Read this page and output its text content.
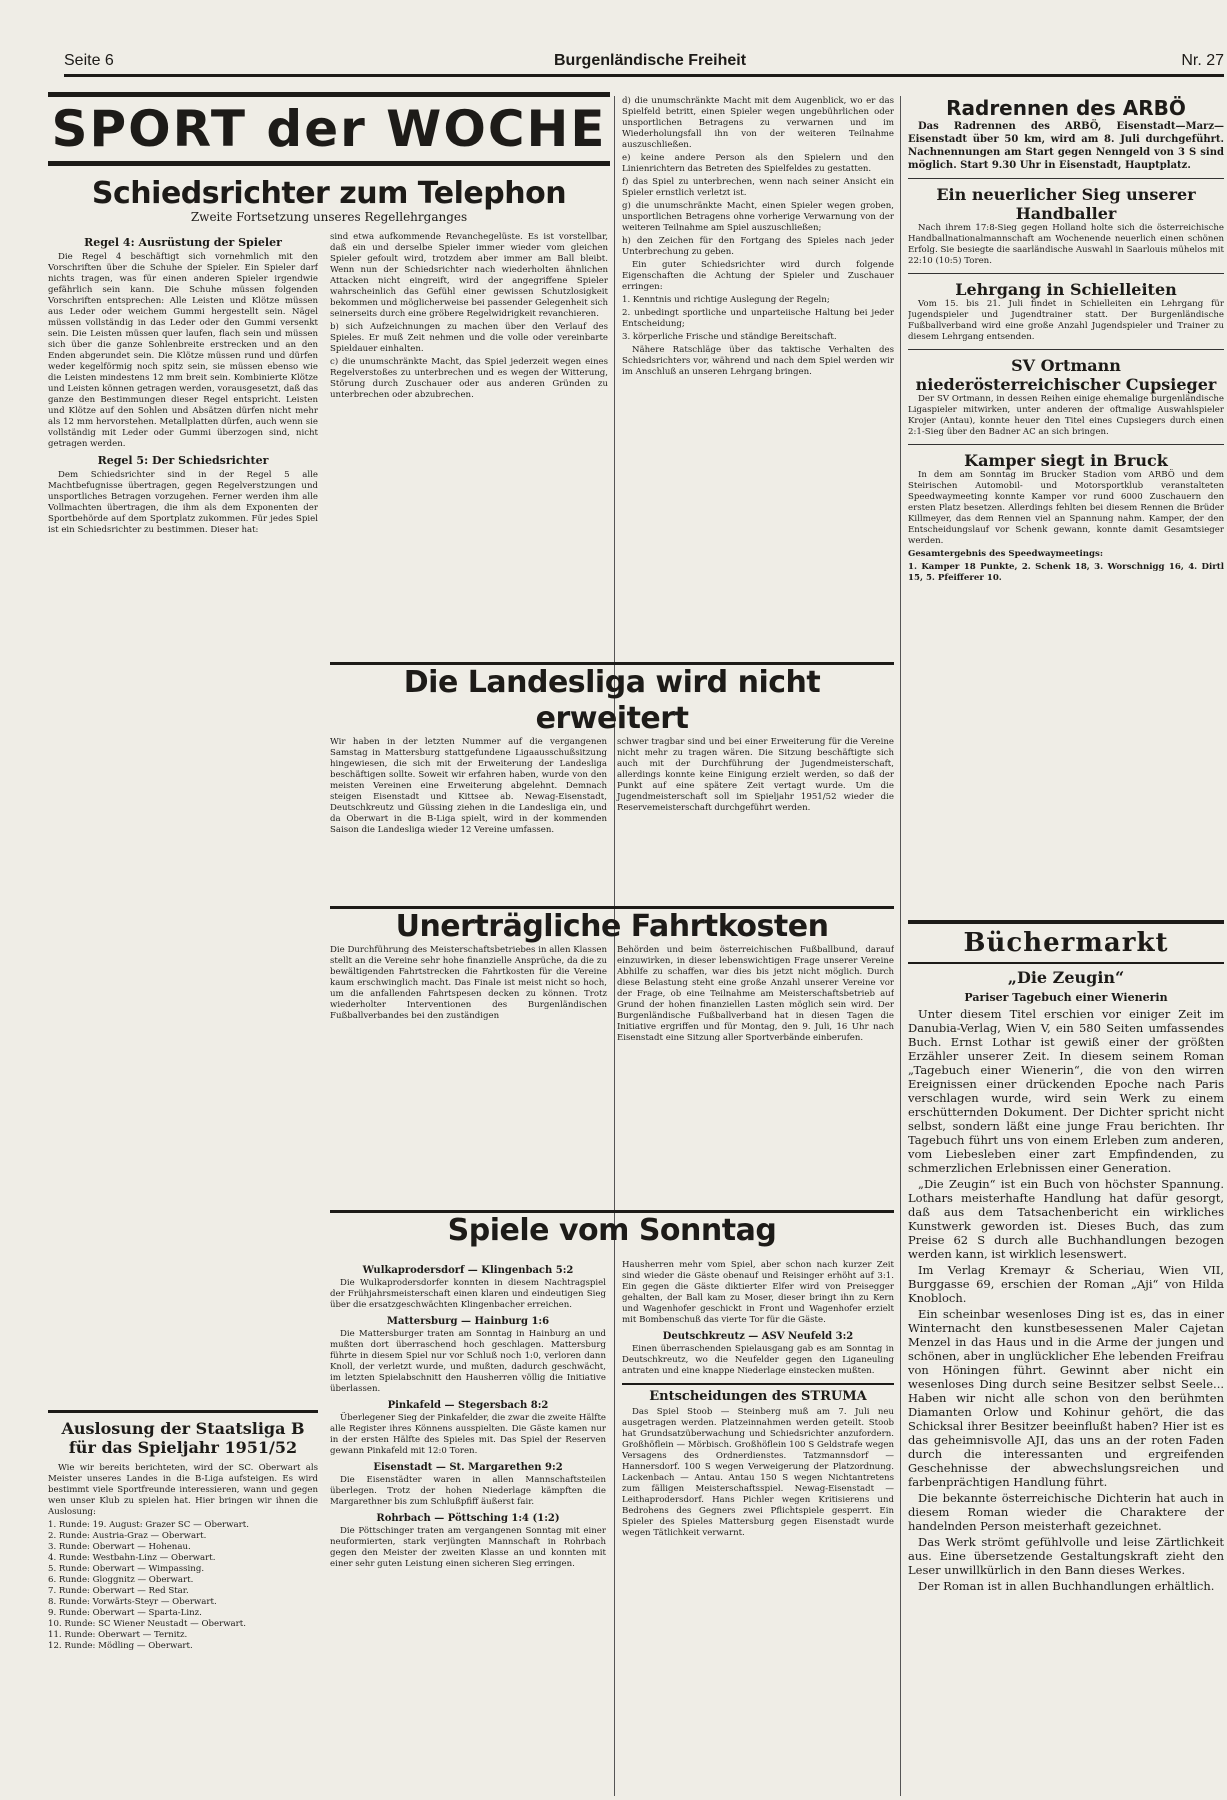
Seite 6	Burgenländische Freiheit	Nr. 27
SPORT der WOCHE
Schiedsrichter zum Telephon

Zweite Fortsetzung unseres Regellehrganges

Regel 4: Ausrüstung der Spieler

Die Regel 4 beschäftigt sich vornehmlich mit den Vorschriften über die Schuhe der Spieler. Ein Spieler darf nichts tragen, was für einen anderen Spieler irgendwie gefährlich sein kann. Die Schuhe müssen folgenden Vorschriften entsprechen: Alle Leisten und Klötze müssen aus Leder oder weichem Gummi hergestellt sein. Nägel müssen vollständig in das Leder oder den Gummi versenkt sein. Die Leisten müssen quer laufen, flach sein und müssen sich über die ganze Sohlenbreite erstrecken und an den Enden abgerundet sein. Die Klötze müssen rund und dürfen weder kegelförmig noch spitz sein, sie müssen ebenso wie die Leisten mindestens 12 mm breit sein. Kombinierte Klötze und Leisten können getragen werden, vorausgesetzt, daß das ganze den Bestimmungen dieser Regel entspricht. Leisten und Klötze auf den Sohlen und Absätzen dürfen nicht mehr als 12 mm hervorstehen. Metallplatten dürfen, auch wenn sie vollständig mit Leder oder Gummi überzogen sind, nicht getragen werden.

Regel 5: Der Schiedsrichter

Dem Schiedsrichter sind in der Regel 5 alle Machtbefugnisse übertragen, gegen Regelverstzungen und unsportliches Betragen vorzugehen. Ferner werden ihm alle Vollmachten übertragen, die ihm als dem Exponenten der Sportbehörde auf dem Sportplatz zukommen. Für jedes Spiel ist ein Schiedsrichter zu bestimmen. Dieser hat:

sind etwa aufkommende Revanchegelüste. Es ist vorstellbar, daß ein und derselbe Spieler immer wieder vom gleichen Spieler gefoult wird, trotzdem aber immer am Ball bleibt. Wenn nun der Schiedsrichter nach wiederholten ähnlichen Attacken nicht eingreift, wird der angegriffene Spieler wahrscheinlich das Gefühl einer gewissen Schutzlosigkeit bekommen und möglicherweise bei passender Gelegenheit sich seinerseits durch eine gröbere Regelwidrigkeit revanchieren.

b) sich Aufzeichnungen zu machen über den Verlauf des Spieles. Er muß Zeit nehmen und die volle oder vereinbarte Spieldauer einhalten.

c) die unumschränkte Macht, das Spiel jederzeit wegen eines Regelverstoßes zu unterbrechen und es wegen der Witterung, Störung durch Zuschauer oder aus anderen Gründen zu unterbrechen oder abzubrechen.

d) die unumschränkte Macht mit dem Augenblick, wo er das Spielfeld betritt, einen Spieler wegen ungebührlichen oder unsportlichen Betragens zu verwarnen und im Wiederholungsfall ihn von der weiteren Teilnahme auszuschließen.

e) keine andere Person als den Spielern und den Linienrichtern das Betreten des Spielfeldes zu gestatten.

f) das Spiel zu unterbrechen, wenn nach seiner Ansicht ein Spieler ernstlich verletzt ist.

g) die unumschränkte Macht, einen Spieler wegen groben, unsportlichen Betragens ohne vorherige Verwarnung von der weiteren Teilnahme am Spiel auszuschließen;

h) den Zeichen für den Fortgang des Spieles nach jeder Unterbrechung zu geben.

Ein guter Schiedsrichter wird durch folgende Eigenschaften die Achtung der Spieler und Zuschauer erringen:

1. Kenntnis und richtige Auslegung der Regeln;

2. unbedingt sportliche und unparteiische Haltung bei jeder Entscheidung;

3. körperliche Frische und ständige Bereitschaft.

Nähere Ratschläge über das taktische Verhalten des Schiedsrichters vor, während und nach dem Spiel werden wir im Anschluß an unseren Lehrgang bringen.

Auslosung der Staatsliga B für das Spieljahr 1951/52

Wie wir bereits berichteten, wird der SC. Oberwart als Meister unseres Landes in die B-Liga aufsteigen. Es wird bestimmt viele Sportfreunde interessieren, wann und gegen wen unser Klub zu spielen hat. Hier bringen wir ihnen die Auslosung:

1. Runde: 19. August: Grazer SC — Oberwart.
2. Runde: Austria-Graz — Oberwart.
3. Runde: Oberwart — Hohenau.
4. Runde: Westbahn-Linz — Oberwart.
5. Runde: Oberwart — Wimpassing.
6. Runde: Gloggnitz — Oberwart.
7. Runde: Oberwart — Red Star.
8. Runde: Vorwärts-Steyr — Oberwart.
9. Runde: Oberwart — Sparta-Linz.
10. Runde: SC Wiener Neustadt — Oberwart.
11. Runde: Oberwart — Ternitz.
12. Runde: Mödling — Oberwart.
Die Landesliga wird nicht erweitert

Wir haben in der letzten Nummer auf die vergangenen Samstag in Mattersburg stattgefundene Ligaausschußsitzung hingewiesen, die sich mit der Erweiterung der Landesliga beschäftigen sollte. Soweit wir erfahren haben, wurde von den meisten Vereinen eine Erweiterung abgelehnt. Demnach steigen Eisenstadt und Kittsee ab. Newag-Eisenstadt, Deutschkreutz und Güssing ziehen in die Landesliga ein, und da Oberwart in die B-Liga spielt, wird in der kommenden Saison die Landesliga wieder 12 Vereine umfassen.

schwer tragbar sind und bei einer Erweiterung für die Vereine nicht mehr zu tragen wären. Die Sitzung beschäftigte sich auch mit der Durchführung der Jugendmeisterschaft, allerdings konnte keine Einigung erzielt werden, so daß der Punkt auf eine spätere Zeit vertagt wurde. Um die Jugendmeisterschaft soll im Spieljahr 1951/52 wieder die Reservemeisterschaft durchgeführt werden.

Unerträgliche Fahrtkosten

Die Durchführung des Meisterschaftsbetriebes in allen Klassen stellt an die Vereine sehr hohe finanzielle Ansprüche, da die zu bewältigenden Fahrtstrecken die Fahrtkosten für die Vereine kaum erschwinglich macht. Das Finale ist meist nicht so hoch, um die anfallenden Fahrtspesen decken zu können. Trotz wiederholter Interventionen des Burgenländischen Fußballverbandes bei den zuständigen

Behörden und beim österreichischen Fußballbund, darauf einzuwirken, in dieser lebenswichtigen Frage unserer Vereine Abhilfe zu schaffen, war dies bis jetzt nicht möglich. Durch diese Belastung steht eine große Anzahl unserer Vereine vor der Frage, ob eine Teilnahme am Meisterschaftsbetrieb auf Grund der hohen finanziellen Lasten möglich sein wird. Der Burgenländische Fußballverband hat in diesen Tagen die Initiative ergriffen und für Montag, den 9. Juli, 16 Uhr nach Eisenstadt eine Sitzung aller Sportverbände einberufen.

Spiele vom Sonntag
Wulkaprodersdorf — Klingenbach 5:2

Die Wulkaprodersdorfer konnten in diesem Nachtragspiel der Frühjahrsmeisterschaft einen klaren und eindeutigen Sieg über die ersatzgeschwächten Klingenbacher erreichen.

Mattersburg — Hainburg 1:6

Die Mattersburger traten am Sonntag in Hainburg an und mußten dort überraschend hoch geschlagen. Mattersburg führte in diesem Spiel nur vor Schluß noch 1:0, verloren dann Knoll, der verletzt wurde, und mußten, dadurch geschwächt, im letzten Spielabschnitt den Hausherren völlig die Initiative überlassen.

Pinkafeld — Stegersbach 8:2

Überlegener Sieg der Pinkafelder, die zwar die zweite Hälfte alle Register ihres Könnens ausspielten. Die Gäste kamen nur in der ersten Hälfte des Spieles mit. Das Spiel der Reserven gewann Pinkafeld mit 12:0 Toren.

Eisenstadt — St. Margarethen 9:2

Die Eisenstädter waren in allen Mannschaftsteilen überlegen. Trotz der hohen Niederlage kämpften die Margarethner bis zum Schlußpfiff äußerst fair.

Rohrbach — Pöttsching 1:4 (1:2)

Die Pöttschinger traten am vergangenen Sonntag mit einer neuformierten, stark verjüngten Mannschaft in Rohrbach gegen den Meister der zweiten Klasse an und konnten mit einer sehr guten Leistung einen sicheren Sieg erringen.

Hausherren mehr vom Spiel, aber schon nach kurzer Zeit sind wieder die Gäste obenauf und Reisinger erhöht auf 3:1. Ein gegen die Gäste diktierter Elfer wird von Preisegger gehalten, der Ball kam zu Moser, dieser bringt ihn zu Kern und Wagenhofer geschickt in Front und Wagenhofer erzielt mit Bombenschuß das vierte Tor für die Gäste.

Deutschkreutz — ASV Neufeld 3:2

Einen überraschenden Spielausgang gab es am Sonntag in Deutschkreutz, wo die Neufelder gegen den Liganeuling antraten und eine knappe Niederlage einstecken mußten.

Entscheidungen des STRUMA

Das Spiel Stoob — Steinberg muß am 7. Juli neu ausgetragen werden. Platzeinnahmen werden geteilt. Stoob hat Grundsatzüberwachung und Schiedsrichter anzufordern. Großhöflein — Mörbisch. Großhöflein 100 S Geldstrafe wegen Versagens des Ordnerdienstes. Tatzmannsdorf — Hannersdorf. 100 S wegen Verweigerung der Platzordnung. Lackenbach — Antau. Antau 150 S wegen Nichtantretens zum fälligen Meisterschaftsspiel. Newag-Eisenstadt — Leithaprodersdorf. Hans Pichler wegen Kritisierens und Bedrohens des Gegners zwei Pflichtspiele gesperrt. Ein Spieler des Spieles Mattersburg gegen Eisenstadt wurde wegen Tätlichkeit verwarnt.

Radrennen des ARBÖ

Das Radrennen des ARBÖ, Eisenstadt—Marz—Eisenstadt über 50 km, wird am 8. Juli durchgeführt. Nachnennungen am Start gegen Nenngeld von 3 S sind möglich. Start 9.30 Uhr in Eisenstadt, Hauptplatz.

Ein neuerlicher Sieg unserer Handballer

Nach ihrem 17:8-Sieg gegen Holland holte sich die österreichische Handballnationalmannschaft am Wochenende neuerlich einen schönen Erfolg. Sie besiegte die saarländische Auswahl in Saarlouis mühelos mit 22:10 (10:5) Toren.

Lehrgang in Schielleiten

Vom 15. bis 21. Juli findet in Schielleiten ein Lehrgang für Jugendspieler und Jugendtrainer statt. Der Burgenländische Fußballverband wird eine große Anzahl Jugendspieler und Trainer zu diesem Lehrgang entsenden.

SV Ortmann niederösterreichischer Cupsieger

Der SV Ortmann, in dessen Reihen einige ehemalige burgenländische Ligaspieler mitwirken, unter anderen der oftmalige Auswahlspieler Krojer (Antau), konnte heuer den Titel eines Cupsiegers durch einen 2:1-Sieg über den Badner AC an sich bringen.

Kamper siegt in Bruck

In dem am Sonntag im Brucker Stadion vom ARBÖ und dem Steirischen Automobil- und Motorsportklub veranstalteten Speedwaymeeting konnte Kamper vor rund 6000 Zuschauern den ersten Platz besetzen. Allerdings fehlten bei diesem Rennen die Brüder Killmeyer, das dem Rennen viel an Spannung nahm. Kamper, der den Entscheidungslauf vor Schenk gewann, konnte damit Gesamtsieger werden.

Gesamtergebnis des Speedwaymeetings:

1. Kamper 18 Punkte, 2. Schenk 18, 3. Worschnigg 16, 4. Dirtl 15, 5. Pfeifferer 10.

Büchermarkt
„Die Zeugin“
Pariser Tagebuch einer Wienerin

Unter diesem Titel erschien vor einiger Zeit im Danubia-Verlag, Wien V, ein 580 Seiten umfassendes Buch. Ernst Lothar ist gewiß einer der größten Erzähler unserer Zeit. In diesem seinem Roman „Tagebuch einer Wienerin“, die von den wirren Ereignissen einer drückenden Epoche nach Paris verschlagen wurde, wird sein Werk zu einem erschütternden Dokument. Der Dichter spricht nicht selbst, sondern läßt eine junge Frau berichten. Ihr Tagebuch führt uns von einem Erleben zum anderen, vom Liebesleben einer zart Empfindenden, zu schmerzlichen Erlebnissen einer Generation.

„Die Zeugin“ ist ein Buch von höchster Spannung. Lothars meisterhafte Handlung hat dafür gesorgt, daß aus dem Tatsachenbericht ein wirkliches Kunstwerk geworden ist. Dieses Buch, das zum Preise 62 S durch alle Buchhandlungen bezogen werden kann, ist wirklich lesenswert.

Im Verlag Kremayr & Scheriau, Wien VII, Burggasse 69, erschien der Roman „Aji“ von Hilda Knobloch.

Ein scheinbar wesenloses Ding ist es, das in einer Winternacht den kunstbesessenen Maler Cajetan Menzel in das Haus und in die Arme der jungen und schönen, aber in unglücklicher Ehe lebenden Freifrau von Höningen führt. Gewinnt aber nicht ein wesenloses Ding durch seine Besitzer selbst Seele... Haben wir nicht alle schon von den berühmten Diamanten Orlow und Kohinur gehört, die das Schicksal ihrer Besitzer beeinflußt haben? Hier ist es das geheimnisvolle AJI, das uns an der roten Faden durch die interessanten und ergreifenden Geschehnisse der abwechslungsreichen und farbenprächtigen Handlung führt.

Die bekannte österreichische Dichterin hat auch in diesem Roman wieder die Charaktere der handelnden Person meisterhaft gezeichnet.

Das Werk strömt gefühlvolle und leise Zärtlichkeit aus. Eine übersetzende Gestaltungskraft zieht den Leser unwillkürlich in den Bann dieses Werkes.

Der Roman ist in allen Buchhandlungen erhältlich.
